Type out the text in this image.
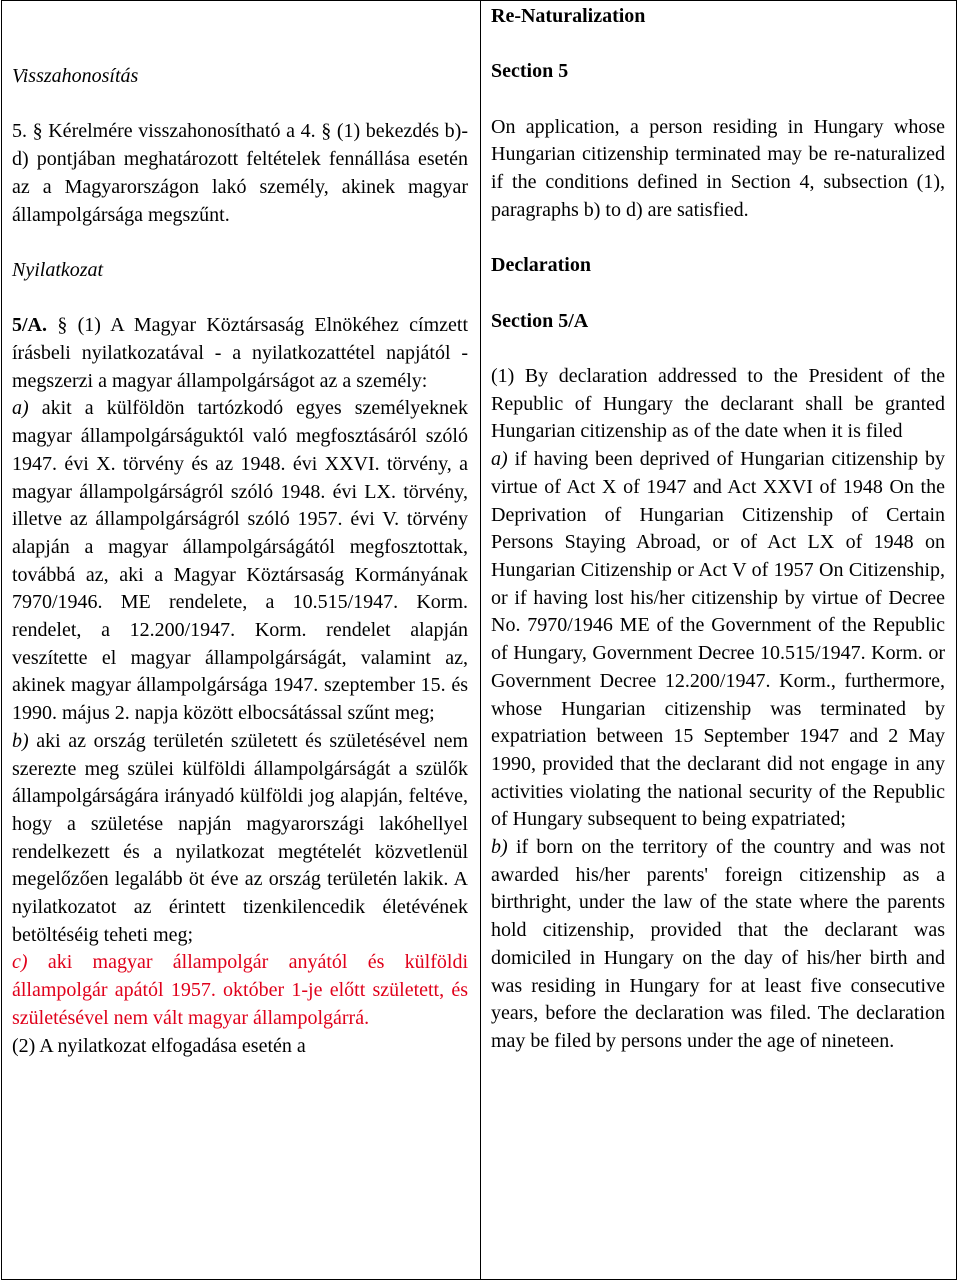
Visszahonosítás

5. § Kérelmére visszahonosítható a 4. § (1) bekezdés b)-d) pontjában meghatározott feltételek fennállása esetén az a Magyarországon lakó személy, akinek magyar állampolgársága megszűnt.

Nyilatkozat

5/A. § (1) A Magyar Köztársaság Elnökéhez címzett írásbeli nyilatkozatával - a nyilatkozattétel napjától - megszerzi a magyar állampolgárságot az a személy:

a) akit a külföldön tartózkodó egyes személyeknek magyar állampolgárságuktól való megfosztásáról szóló 1947. évi X. törvény és az 1948. évi XXVI. törvény, a magyar állampolgárságról szóló 1948. évi LX. törvény, illetve az állampolgárságról szóló 1957. évi V. törvény alapján a magyar állampolgárságától megfosztottak, továbbá az, aki a Magyar Köztársaság Kormányának 7970/1946. ME rendelete, a 10.515/1947. Korm. rendelet, a 12.200/1947. Korm. rendelet alapján veszítette el magyar állampolgárságát, valamint az, akinek magyar állampolgársága 1947. szeptember 15. és 1990. május 2. napja között elbocsátással szűnt meg;

b) aki az ország területén született és születésével nem szerezte meg szülei külföldi állampolgárságát a szülők állampolgárságára irányadó külföldi jog alapján, feltéve, hogy a születése napján magyarországi lakóhellyel rendelkezett és a nyilatkozat megtételét közvetlenül megelőzően legalább öt éve az ország területén lakik. A nyilatkozatot az érintett tizenkilencedik életévének betöltéséig teheti meg;

c) aki magyar állampolgár anyától és külföldi állampolgár apától 1957. október 1-je előtt született, és születésével nem vált magyar állampolgárrá.

(2) A nyilatkozat elfogadása esetén a

Re-Naturalization

Section 5

On application, a person residing in Hungary whose Hungarian citizenship terminated may be re-naturalized if the conditions defined in Section 4, subsection (1), paragraphs b) to d) are satisfied.

Declaration

Section 5/A

(1) By declaration addressed to the President of the Republic of Hungary the declarant shall be granted Hungarian citizenship as of the date when it is filed

a) if having been deprived of Hungarian citizenship by virtue of Act X of 1947 and Act XXVI of 1948 On the Deprivation of Hungarian Citizenship of Certain Persons Staying Abroad, or of Act LX of 1948 on Hungarian Citizenship or Act V of 1957 On Citizenship, or if having lost his/her citizenship by virtue of Decree No. 7970/1946 ME of the Government of the Republic of Hungary, Government Decree 10.515/1947. Korm. or Government Decree 12.200/1947. Korm., furthermore, whose Hungarian citizenship was terminated by expatriation between 15 September 1947 and 2 May 1990, provided that the declarant did not engage in any activities violating the national security of the Republic of Hungary subsequent to being expatriated;

b) if born on the territory of the country and was not awarded his/her parents' foreign citizenship as a birthright, under the law of the state where the parents hold citizenship, provided that the declarant was domiciled in Hungary on the day of his/her birth and was residing in Hungary for at least five consecutive years, before the declaration was filed. The declaration may be filed by persons under the age of nineteen.
